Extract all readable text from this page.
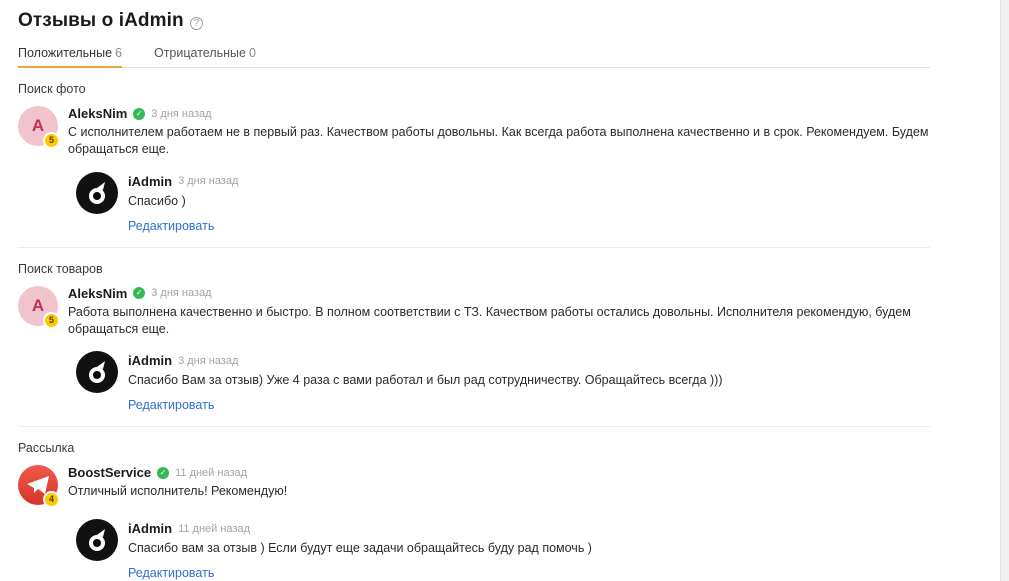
Отзывы о iAdmin ?
Положительные 6	Отрицательные 0
Поиск фото
A
5
AleksNim	✓ 3 дня назад
С исполнителем работаем не в первый раз. Качеством работы довольны. Как всегда работа выполнена качественно и в срок. Рекомендуем. Будем обращаться еще.
iAdmin 3 дня назад
Спасибо )
Редактировать
Поиск товаров
A
5
AleksNim	✓ 3 дня назад
Работа выполнена качественно и быстро. В полном соответствии с ТЗ. Качеством работы остались довольны. Исполнителя рекомендую, будем обращаться еще.
iAdmin 3 дня назад
Спасибо Вам за отзыв) Уже 4 раза с вами работал и был рад сотрудничеству. Обращайтесь всегда )))
Редактировать
Рассылка
4
BoostService	✓ 11 дней назад
Отличный исполнитель! Рекомендую!
iAdmin 11 дней назад
Спасибо вам за отзыв ) Если будут еще задачи обращайтесь буду рад помочь )
Редактировать
